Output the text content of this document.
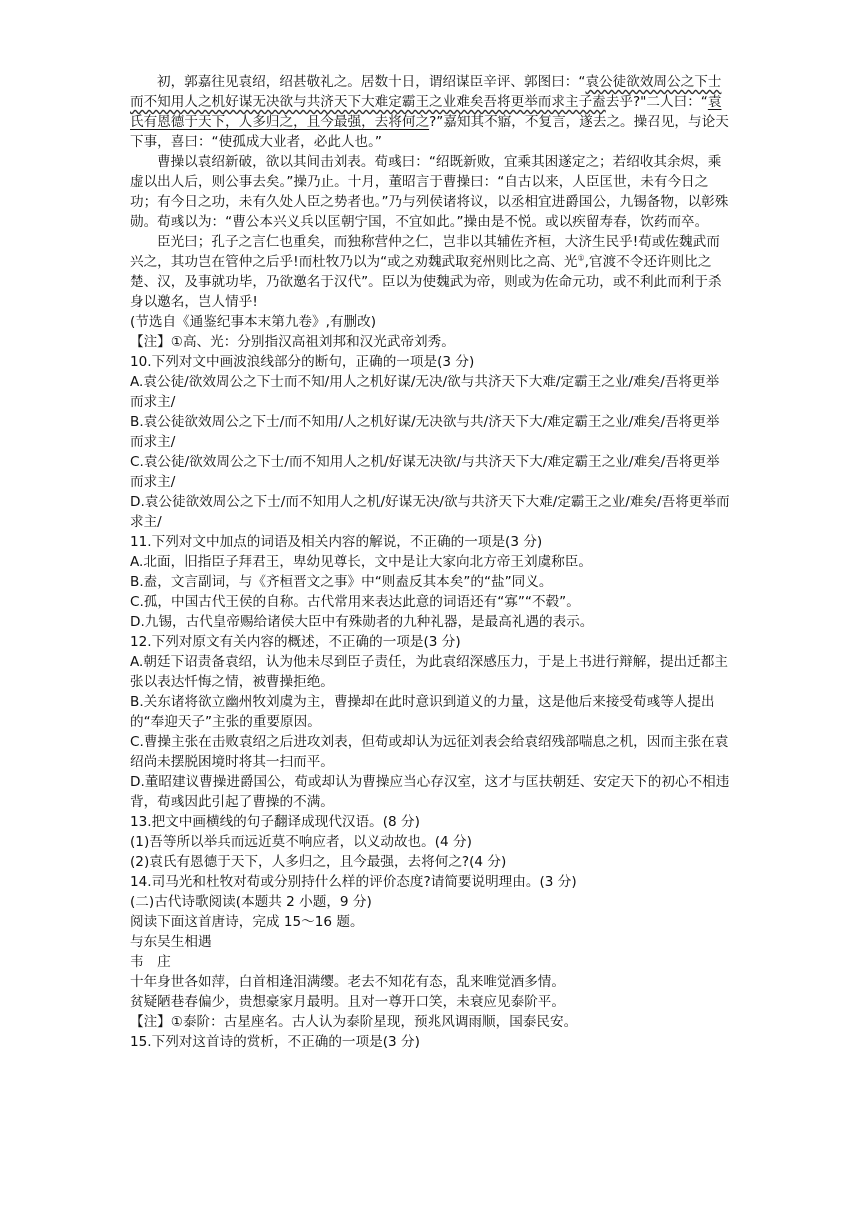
初，郭嘉往见袁绍，绍甚敬礼之。居数十日，谓绍谋臣辛评、郭图曰：“袁公徒欲效周公之下士而不知用人之机好谋无决欲与共济天下大难定霸王之业难矣吾将更举而求主子盍去乎?"二人曰：“袁氏有恩德于天下，人多归之，且今最强，去将何之?”嘉知其不寤，不复言，遂去之。操召见，与论天下事，喜曰：“使孤成大业者，必此人也。”

曹操以袁绍新破，欲以其间击刘表。荀彧曰：“绍既新败，宜乘其困遂定之；若绍收其余烬，乘虚以出人后，则公事去矣。”操乃止。十月，董昭言于曹操曰：“自古以来，人臣匡世，未有今日之功；有今日之功，未有久处人臣之势者也。”乃与列侯诸将议，以丞相宜进爵国公，九锡备物，以彰殊勋。荀彧以为：“曹公本兴义兵以匡朝宁国，不宜如此。”操由是不悦。或以疾留寿春，饮药而卒。

臣光曰；孔子之言仁也重矣，而独称营仲之仁，岂非以其辅佐齐桓，大济生民乎!荀或佐魏武而兴之，其功岂在管仲之后乎!而杜牧乃以为“或之劝魏武取兖州则比之高、光①,官渡不令还许则比之楚、汉，及事就功毕，乃欲邀名于汉代”。臣以为使魏武为帝，则或为佐命元功，或不利此而利于杀身以邀名，岂人情乎!

(节选自《通鉴纪事本末第九卷》,有删改)

【注】①高、光：分别指汉高祖刘邦和汉光武帝刘秀。

10.下列对文中画波浪线部分的断句，正确的一项是(3 分)

A.袁公徒/欲效周公之下士而不知/用人之机好谋/无决/欲与共济天下大难/定霸王之业/难矣/吾将更举而求主/

B.袁公徒欲效周公之下士/而不知用/人之机好谋/无决欲与共/济天下大/难定霸王之业/难矣/吾将更举而求主/

C.袁公徒/欲效周公之下士/而不知用人之机/好谋无决欲/与共济天下大/难定霸王之业/难矣/吾将更举而求主/

D.袁公徒欲效周公之下士/而不知用人之机/好谋无决/欲与共济天下大难/定霸王之业/难矣/吾将更举而求主/

11.下列对文中加点的词语及相关内容的解说，不正确的一项是(3 分)

A.北面，旧指臣子拜君王，卑幼见尊长，文中是让大家向北方帝王刘虞称臣。

B.盍，文言副词，与《齐桓晋文之事》中“则盍反其本矣”的“盐”同义。

C.孤，中国古代王侯的自称。古代常用来表达此意的词语还有“寡”“不毂”。

D.九锡，古代皇帝赐给诸侯大臣中有殊勋者的九种礼器，是最高礼遇的表示。

12.下列对原文有关内容的概述，不正确的一项是(3 分)

A.朝廷下诏责备袁绍，认为他未尽到臣子责任，为此袁绍深感压力，于是上书进行辩解，提出迁都主张以表达忏悔之情，被曹操拒绝。

B.关东诸将欲立幽州牧刘虞为主，曹操却在此时意识到道义的力量，这是他后来接受荀彧等人提出的“奉迎天子”主张的重要原因。

C.曹操主张在击败袁绍之后进攻刘表，但荀或却认为远征刘表会给袁绍残部喘息之机，因而主张在袁绍尚未摆脱困境时将其一扫而平。

D.董昭建议曹操进爵国公，荀或却认为曹操应当心存汉室，这才与匡扶朝廷、安定天下的初心不相违背，荀彧因此引起了曹操的不满。

13.把文中画横线的句子翻译成现代汉语。(8 分)

(1)吾等所以举兵而远近莫不响应者，以义动故也。(4 分)

(2)袁氏有恩德于天下，人多归之，且今最强，去将何之?(4 分)

14.司马光和杜牧对荀或分别持什么样的评价态度?请简要说明理由。(3 分)

(二)古代诗歌阅读(本题共 2 小题，9 分)

阅读下面这首唐诗，完成 15～16 题。

与东吴生相遇

韦　庄

十年身世各如萍，白首相逢泪满缨。老去不知花有态，乱来唯觉酒多情。

贫疑陋巷春偏少，贵想豪家月最明。且对一尊开口笑，未衰应见泰阶平。

【注】①泰阶：古星座名。古人认为泰阶星现，预兆风调雨顺，国泰民安。

15.下列对这首诗的赏析，不正确的一项是(3 分)
